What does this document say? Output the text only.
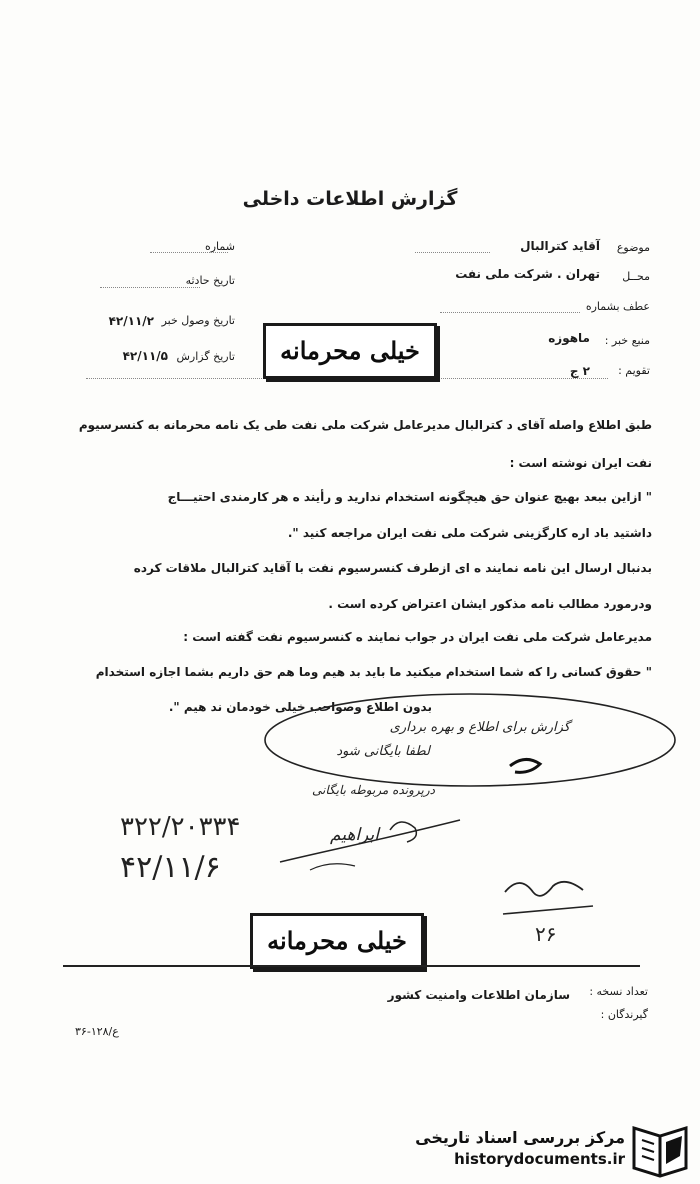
گزارش اطلاعات داخلی
موضوع
آقاید کترالبال
محــل
تهران . شرکت ملی نفت
عطف بشماره
منبع خبر :
ماهوزه
تقویم :
۲ ج
شماره
تاریخ حادثه
تاریخ وصول خبر
۴۲/۱۱/۲
تاریخ گزارش
۴۲/۱۱/۵	خیلی محرمانه
طبق اطلاع واصله آقای د کترالبال مدیرعامل شرکت ملی نفت طی یک نامه محرمانه به کنسرسیوم
نفت ایران نوشته است :
" ازاین ببعد بهیچ عنوان حق هیچگونه استخدام ندارید و رأیند ه هر کارمندی احتیـــاج
داشتید باد اره کارگزینی شرکت ملی نفت ایران مراجعه کنید ".
بدنبال ارسال این نامه نمایند ه ای ازطرف کنسرسیوم نفت با آقاید کترالبال ملاقات کرده
ودرمورد مطالب نامه مذکور ایشان اعتراض کرده است .
مدیرعامل شرکت ملی نفت ایران در جواب نمایند ه کنسرسیوم نفت گفته است :
" حقوق کسانی را که شما استخدام میکنید ما باید بد هیم وما هم حق داریم بشما اجازه استخدام
بدون اطلاع وصواحب خیلی خودمان ند هیم ".
گزارش برای اطلاع و بهره برداری
لطفا بایگانی شود
درپرونده مربوطه بایگانی
۳۲۲/۲۰۳۳۴
۴۲/۱۱/۶
ابراهیم
۲۶
خیلی محرمانه
تعداد نسخه :
سازمان اطلاعات وامنیت کشور
گیرندگان :
ع/۱۲۸-۳۶
مرکز بررسی اسناد تاریخی
historydocuments.ir
